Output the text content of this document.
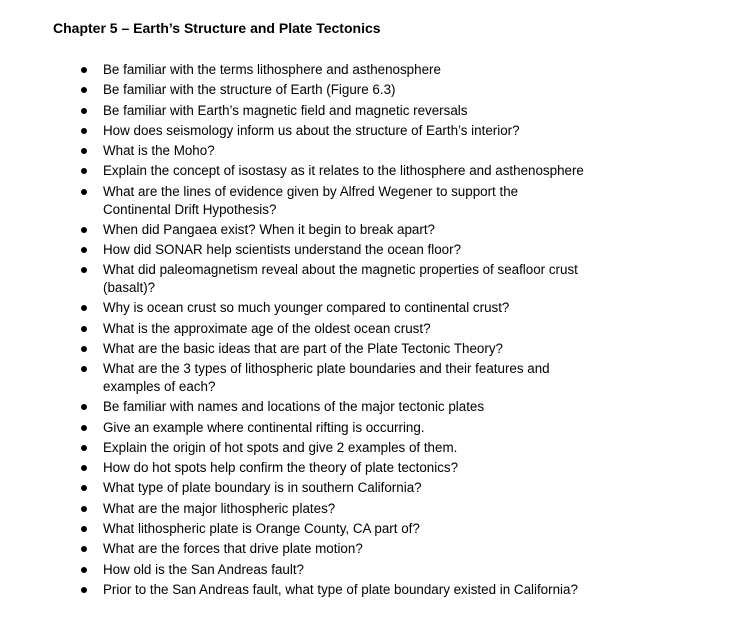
Chapter 5 – Earth’s Structure and Plate Tectonics
Be familiar with the terms lithosphere and asthenosphere
Be familiar with the structure of Earth (Figure 6.3)
Be familiar with Earth’s magnetic field and magnetic reversals
How does seismology inform us about the structure of Earth’s interior?
What is the Moho?
Explain the concept of isostasy as it relates to the lithosphere and asthenosphere
What are the lines of evidence given by Alfred Wegener to support the
Continental Drift Hypothesis?
When did Pangaea exist? When it begin to break apart?
How did SONAR help scientists understand the ocean floor?
What did paleomagnetism reveal about the magnetic properties of seafloor crust
(basalt)?
Why is ocean crust so much younger compared to continental crust?
What is the approximate age of the oldest ocean crust?
What are the basic ideas that are part of the Plate Tectonic Theory?
What are the 3 types of lithospheric plate boundaries and their features and
examples of each?
Be familiar with names and locations of the major tectonic plates
Give an example where continental rifting is occurring.
Explain the origin of hot spots and give 2 examples of them.
How do hot spots help confirm the theory of plate tectonics?
What type of plate boundary is in southern California?
What are the major lithospheric plates?
What lithospheric plate is Orange County, CA part of?
What are the forces that drive plate motion?
How old is the San Andreas fault?
Prior to the San Andreas fault, what type of plate boundary existed in California?
